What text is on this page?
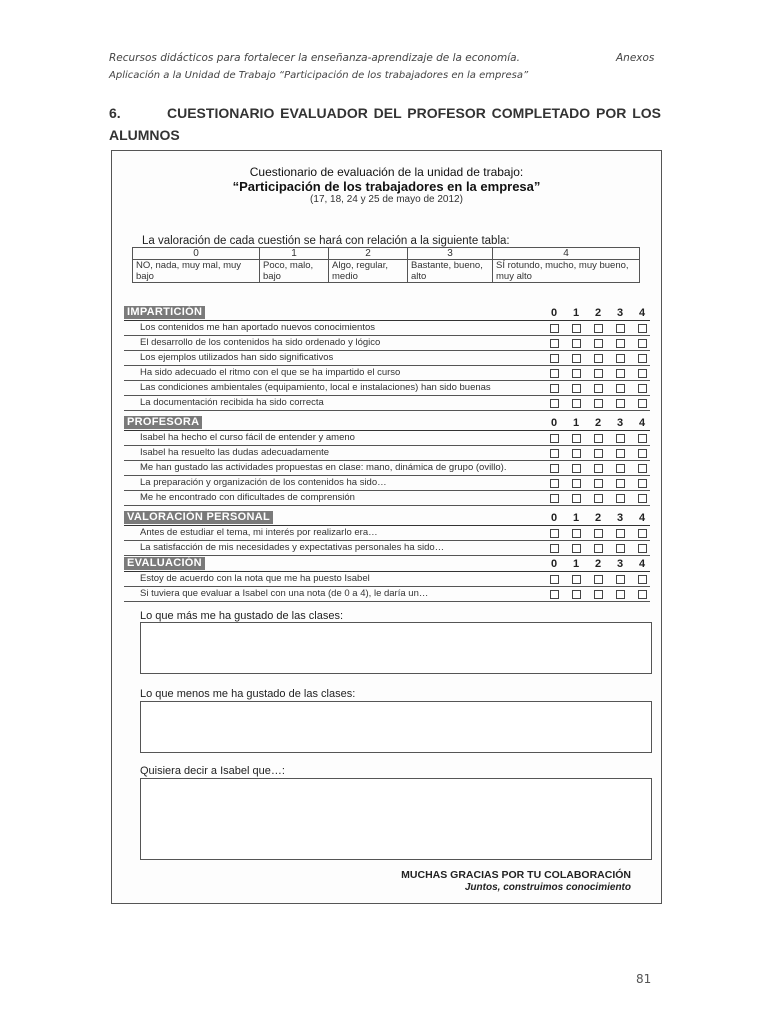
Recursos didácticos para fortalecer la enseñanza-aprendizaje de la economía.	Anexos
Aplicación a la Unidad de Trabajo “Participación de los trabajadores en la empresa”
6.	CUESTIONARIO EVALUADOR DEL PROFESOR COMPLETADO POR LOS ALUMNOS
Cuestionario de evaluación de la unidad de trabajo:
“Participación de los trabajadores en la empresa”
(17, 18, 24 y 25 de mayo de 2012)
La valoración de cada cuestión se hará con relación a la siguiente tabla:
0	1	2	3	4
NO, nada, muy mal, muy bajo	Poco, malo, bajo	Algo, regular, medio	Bastante, bueno, alto	SÍ rotundo, mucho, muy bueno, muy alto
IMPARTICIÓN	0 1 2 3 4
Los contenidos me han aportado nuevos conocimientos
El desarrollo de los contenidos ha sido ordenado y lógico
Los ejemplos utilizados han sido significativos
Ha sido adecuado el ritmo con el que se ha impartido el curso
Las condiciones ambientales (equipamiento, local e instalaciones) han sido buenas
La documentación recibida ha sido correcta
PROFESORA	0 1 2 3 4
Isabel ha hecho el curso fácil de entender y ameno
Isabel ha resuelto las dudas adecuadamente
Me han gustado las actividades propuestas en clase: mano, dinámica de grupo (ovillo).
La preparación y organización de los contenidos ha sido…
Me he encontrado con dificultades de comprensión
VALORACIÓN PERSONAL	0 1 2 3 4
Antes de estudiar el tema, mi interés por realizarlo era…
La satisfacción de mis necesidades y expectativas personales ha sido…
EVALUACIÓN	0 1 2 3 4
Estoy de acuerdo con la nota que me ha puesto Isabel
Si tuviera que evaluar a Isabel con una nota (de 0 a 4), le daría un…
Lo que más me ha gustado de las clases:
Lo que menos me ha gustado de las clases:
Quisiera decir a Isabel que…:
MUCHAS GRACIAS POR TU COLABORACIÓN
Juntos, construimos conocimiento
81
